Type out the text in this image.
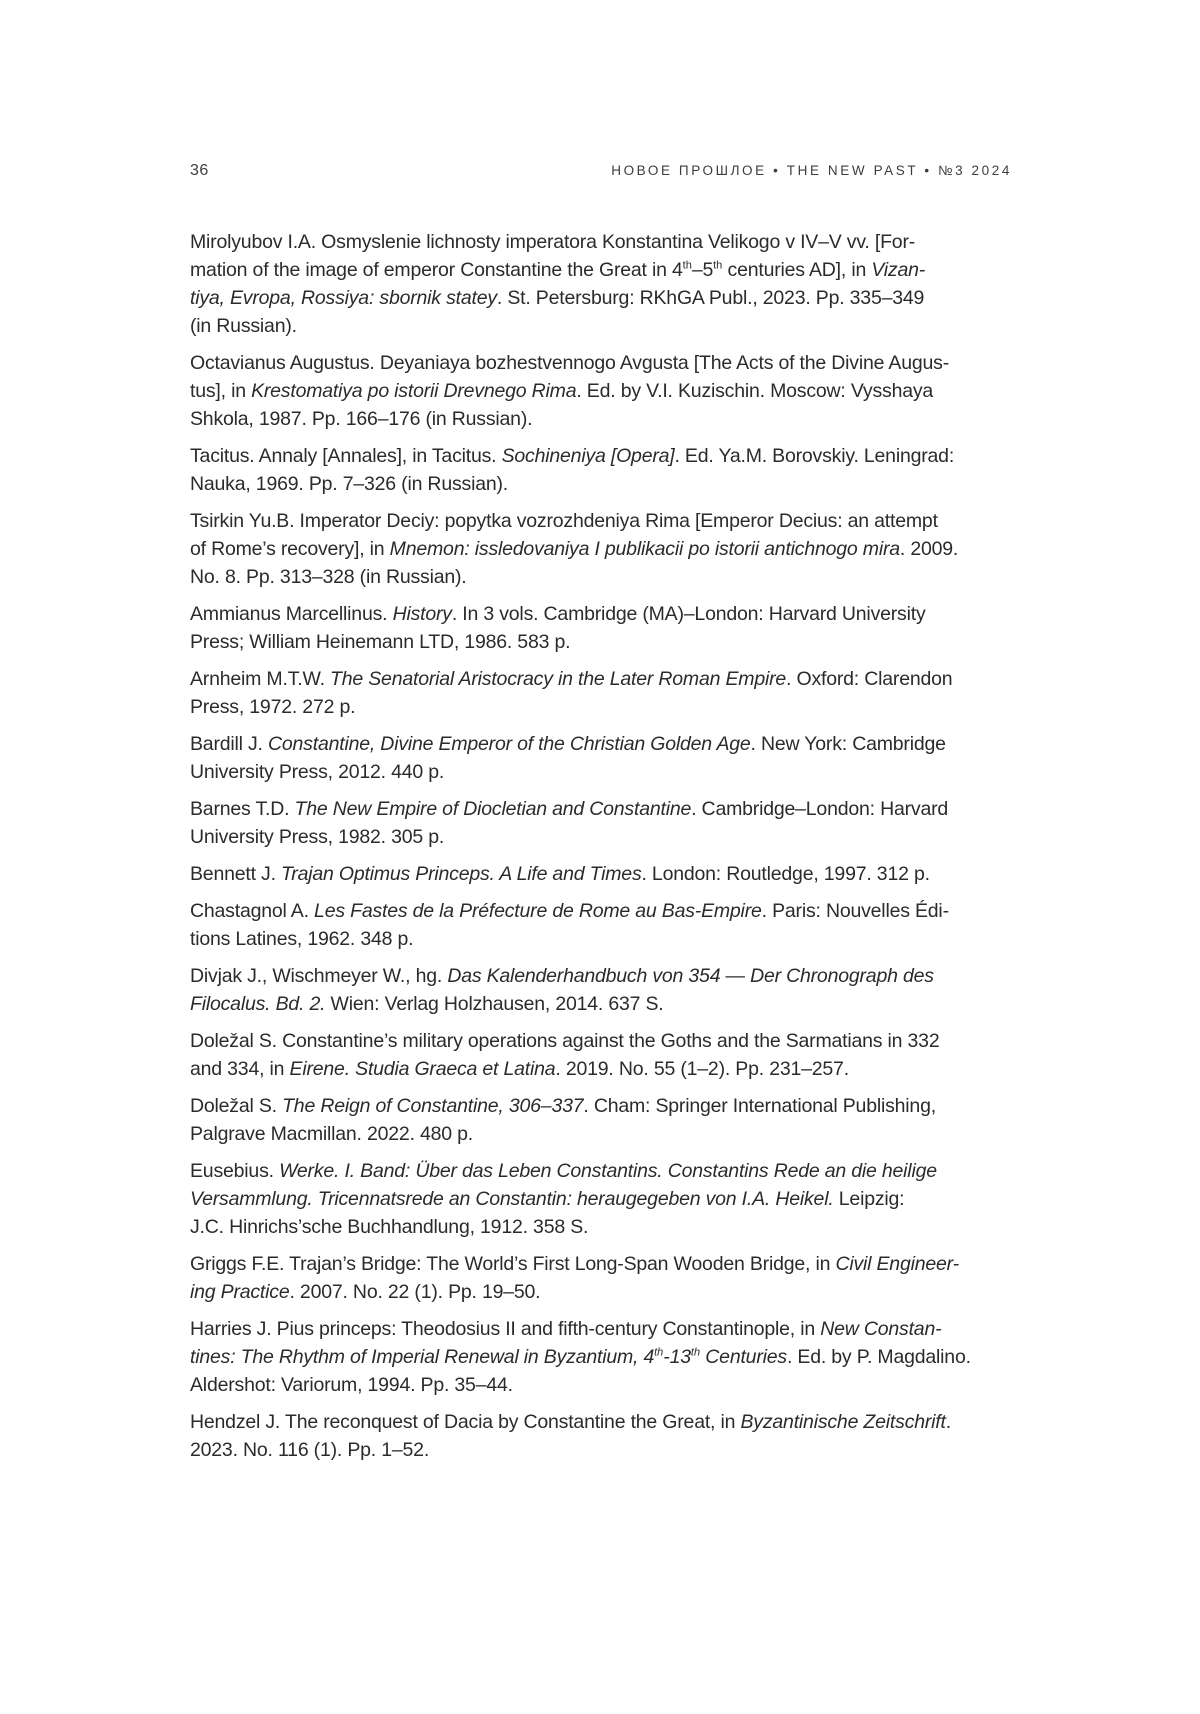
36	НОВОЕ ПРОШЛОЕ • THE NEW PAST • №3 2024

Mirolyubov I.A. Osmyslenie lichnosty imperatora Konstantina Velikogo v IV–V vv. [For-
mation of the image of emperor Constantine the Great in 4th–5th centuries AD], in Vizan-
tiya, Evropa, Rossiya: sbornik statey. St. Petersburg: RKhGA Publ., 2023. Pp. 335–349
(in Russian).

Octavianus Augustus. Deyaniaya bozhestvennogo Avgusta [The Acts of the Divine Augus-
tus], in Krestomatiya po istorii Drevnego Rima. Ed. by V.I. Kuzischin. Moscow: Vysshaya
Shkola, 1987. Pp. 166–176 (in Russian).

Tacitus. Annaly [Annales], in Tacitus. Sochineniya [Opera]. Ed. Ya.M. Borovskiy. Leningrad:
Nauka, 1969. Pp. 7–326 (in Russian).

Tsirkin Yu.B. Imperator Deciy: popytka vozrozhdeniya Rima [Emperor Decius: an attempt
of Rome’s recovery], in Mnemon: issledovaniya I publikacii po istorii antichnogo mira. 2009.
No. 8. Pp. 313–328 (in Russian).

Ammianus Marcellinus. History. In 3 vols. Cambridge (MA)–London: Harvard University
Press; William Heinemann LTD, 1986. 583 p.

Arnheim M.T.W. The Senatorial Aristocracy in the Later Roman Empire. Oxford: Clarendon
Press, 1972. 272 p.

Bardill J. Constantine, Divine Emperor of the Christian Golden Age. New York: Cambridge
University Press, 2012. 440 p.

Barnes T.D. The New Empire of Diocletian and Constantine. Cambridge–London: Harvard
University Press, 1982. 305 p.

Bennett J. Trajan Optimus Princeps. A Life and Times. London: Routledge, 1997. 312 p.

Chastagnol A. Les Fastes de la Préfecture de Rome au Bas-Empire. Paris: Nouvelles Édi-
tions Latines, 1962. 348 p.

Divjak J., Wischmeyer W., hg. Das Kalenderhandbuch von 354 — Der Chronograph des
Filocalus. Bd. 2. Wien: Verlag Holzhausen, 2014. 637 S.

Doležal S. Constantine’s military operations against the Goths and the Sarmatians in 332
and 334, in Eirene. Studia Graeca et Latina. 2019. No. 55 (1–2). Pp. 231–257.

Doležal S. The Reign of Constantine, 306–337. Cham: Springer International Publishing,
Palgrave Macmillan. 2022. 480 p.

Eusebius. Werke. I. Band: Über das Leben Constantins. Constantins Rede an die heilige
Versammlung. Tricennatsrede an Constantin: heraugegeben von I.A. Heikel. Leipzig:
J.C. Hinrichs’sche Buchhandlung, 1912. 358 S.

Griggs F.E. Trajan’s Bridge: The World’s First Long-Span Wooden Bridge, in Civil Engineer-
ing Practice. 2007. No. 22 (1). Pp. 19–50.

Harries J. Pius princeps: Theodosius II and fifth-century Constantinople, in New Constan-
tines: The Rhythm of Imperial Renewal in Byzantium, 4th-13th Centuries. Ed. by P. Magdalino.
Aldershot: Variorum, 1994. Pp. 35–44.

Hendzel J. The reconquest of Dacia by Constantine the Great, in Byzantinische Zeitschrift.
2023. No. 116 (1). Pp. 1–52.
